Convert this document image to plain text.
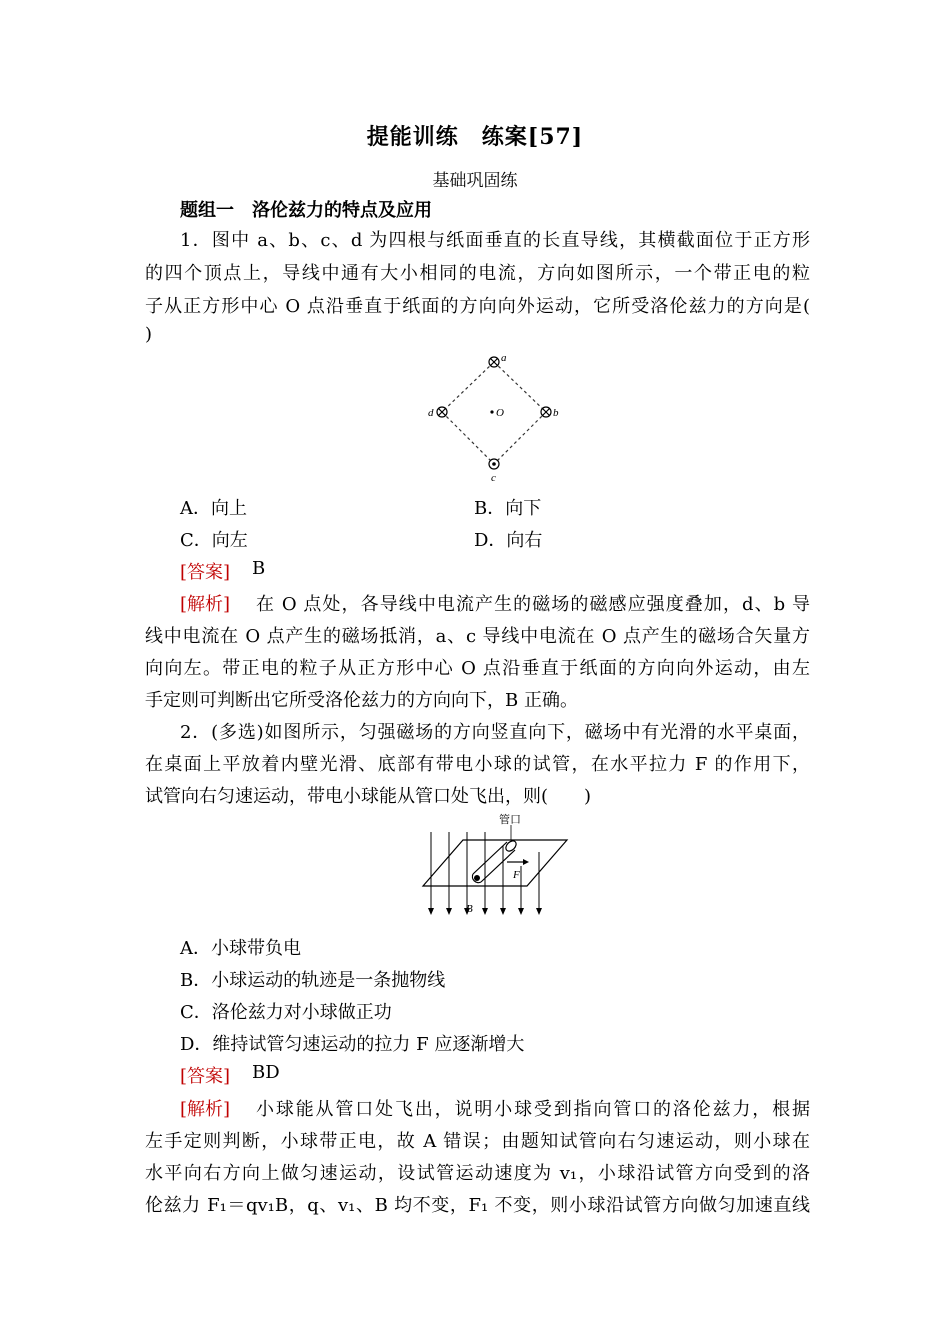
提能训练　练案[57]
基础巩固练
题组一　洛伦兹力的特点及应用
1．图中 a、b、c、d 为四根与纸面垂直的长直导线，其横截面位于正方形
的四个顶点上，导线中通有大小相同的电流，方向如图所示，一个带正电的粒
子从正方形中心 O 点沿垂直于纸面的方向向外运动，它所受洛伦兹力的方向是(
)
a
b
c
d	O
A．向上	B．向下
C．向左	D．向右
[答案] B
[解析] 在 O 点处，各导线中电流产生的磁场的磁感应强度叠加，d、b 导
线中电流在 O 点产生的磁场抵消，a、c 导线中电流在 O 点产生的磁场合矢量方
向向左。带正电的粒子从正方形中心 O 点沿垂直于纸面的方向向外运动，由左
手定则可判断出它所受洛伦兹力的方向向下，B 正确。
2．(多选)如图所示，匀强磁场的方向竖直向下，磁场中有光滑的水平桌面，
在桌面上平放着内壁光滑、底部有带电小球的试管，在水平拉力 F 的作用下，
试管向右匀速运动，带电小球能从管口处飞出，则(　　)
管口
F
B
A．小球带负电
B．小球运动的轨迹是一条抛物线
C．洛伦兹力对小球做正功
D．维持试管匀速运动的拉力 F 应逐渐增大
[答案] BD
[解析] 小球能从管口处飞出，说明小球受到指向管口的洛伦兹力，根据
左手定则判断，小球带正电，故 A 错误；由题知试管向右匀速运动，则小球在
水平向右方向上做匀速运动，设试管运动速度为 v₁，小球沿试管方向受到的洛
伦兹力 F₁＝qv₁B，q、v₁、B 均不变，F₁ 不变，则小球沿试管方向做匀加速直线
